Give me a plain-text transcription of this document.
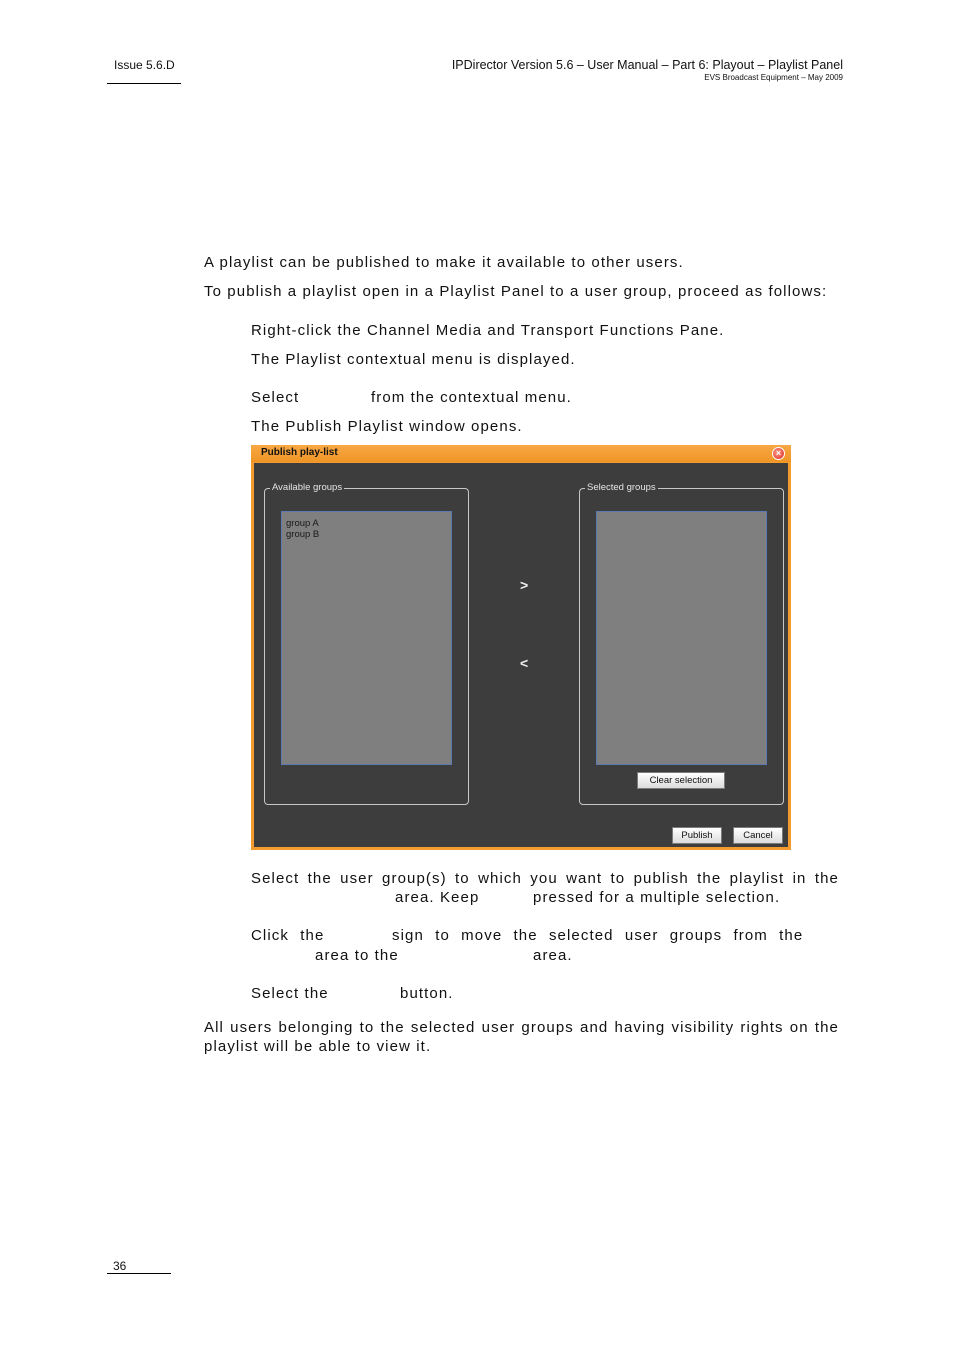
Issue 5.6.D	IPDirector Version 5.6 – User Manual – Part 6: Playout – Playlist Panel
EVS Broadcast Equipment – May 2009
A playlist can be published to make it available to other users.
To publish a playlist open in a Playlist Panel to a user group, proceed as follows:
Right-click the Channel Media and Transport Functions Pane.
The Playlist contextual menu is displayed.
Select	from the contextual menu.
The Publish Playlist window opens.
Publish play-list	×
Available groups
group A
group B
>
<
Selected groups
Clear selection
Publish	Cancel
Select the user group(s) to which you want to publish the playlist in the
area. Keep	pressed for a multiple selection.
Click the      sign to move the selected user groups from the
area to the	area.
Select the	button.
All users belonging to the selected user groups and having visibility rights on the
playlist will be able to view it.
36
